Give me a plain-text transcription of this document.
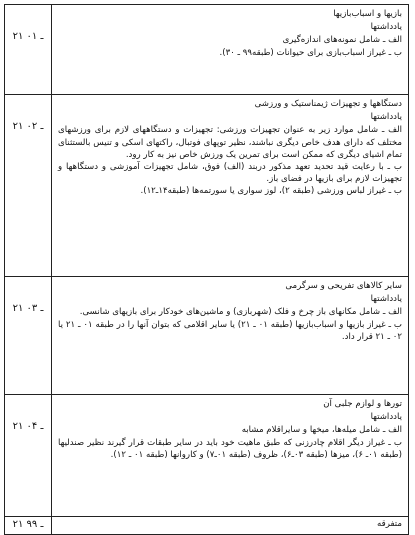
بازیها و اسباب‌بازیها

یادداشتها

الف ـ شامل نمونه‌های اندازه‌گیری

ب ـ غیراز اسباب‌بازی برای حیوانات (طبقه۹۹ ـ ۳۰).	۲۱ ـ ۰۱

دستگاهها و تجهیزات ژیمناستیک و ورزشی

یادداشتها

الف ـ شامل موارد زیر به عنوان تجهیزات ورزشی: تجهیزات و دستگاههای لازم برای ورزشهای مختلف که دارای هدف خاص دیگری نباشند، نظیر توپهای فوتبال، راکتهای اسکی و تنیس بالستثنای تمام اشیای دیگری که ممکن است برای تمرین یک ورزش خاص نیز به کار رود.

ب ـ با رعایت قید تحدید تعهد مذکور دربند (الف) فوق، شامل تجهیزات آموزشی و دستگاهها و تجهیزات لازم برای بازیها در فضای باز.

ب ـ غیراز لباس ورزشی (طبقه ۲)، لوز سواری یا سورتمه‌ها (طبقه۱۴ـ۱۲).	۲۱ ـ ۰۲

سایر کالاهای تفریحی و سرگرمی

یادداشتها

الف ـ شامل مکانهای باز چرخ و فلک (شهربازی) و ماشین‌های خودکار برای بازیهای شانسی.

ب ـ غیراز بازیها و اسباب‌بازیها (طبقه ۰۱ ـ ۲۱) یا سایر اقلامی که بتوان آنها را در طبقه ۰۱ ـ ۲۱ یا ۰۲ ـ ۲۱ قرار داد.	۲۱ ـ ۰۳

تورها و لوازم جلبی آن

یادداشتها

الف ـ شامل میله‌ها، میخها و سایراقلام مشابه

ب ـ غیراز دیگر اقلام چادرزنی که طبق ماهیت خود باید در سایر طبقات قرار گیرند نظیر صندلیها (طبقه ۰۱ـ ۶)، میزها (طبقه ۰۳ـ۶)، ظروف (طبقه ۰۱ـ۷) و کاروانها (طبقه ۰۱ ـ ۱۲).	۲۱ ـ ۰۴

متفرقه	۲۱ ـ ۹۹
